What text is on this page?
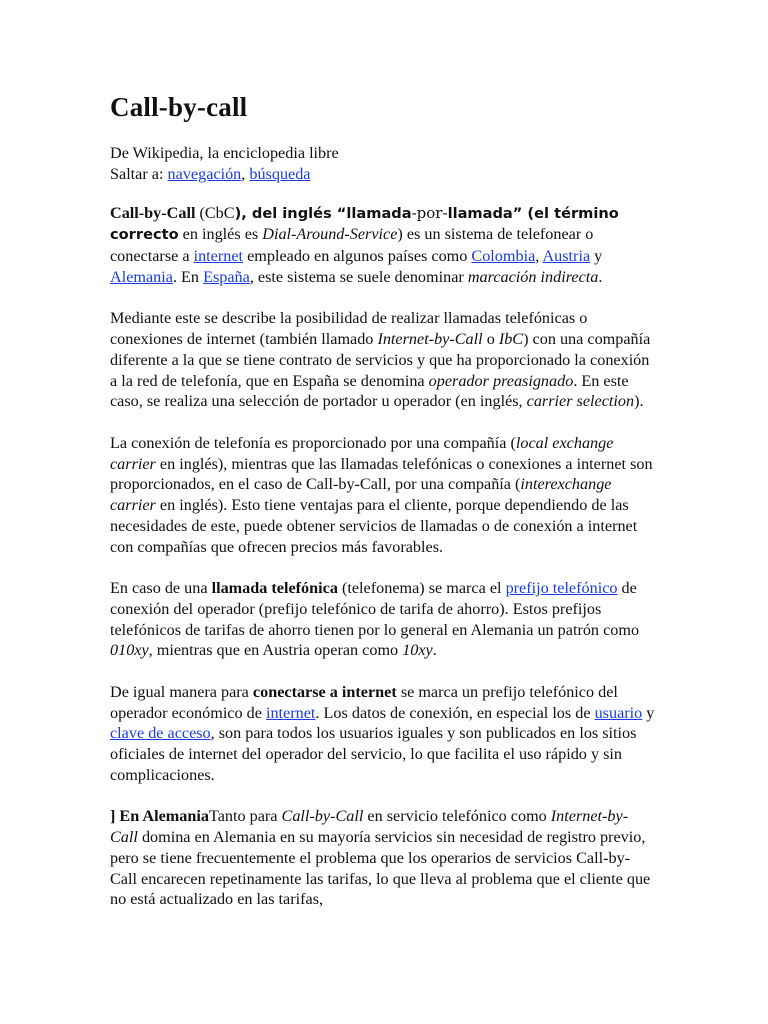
Call-by-call

De Wikipedia, la enciclopedia libre
Saltar a: navegación, búsqueda

Call-by-Call (CbC), del inglés “llamada-por-llamada” (el término correcto en inglés es Dial-Around-Service) es un sistema de telefonear o conectarse a internet empleado en algunos países como Colombia, Austria y Alemania. En España, este sistema se suele denominar marcación indirecta.

Mediante este se describe la posibilidad de realizar llamadas telefónicas o conexiones de internet (también llamado Internet-by-Call o IbC) con una compañía diferente a la que se tiene contrato de servicios y que ha proporcionado la conexión a la red de telefonía, que en España se denomina operador preasignado. En este caso, se realiza una selección de portador u operador (en inglés, carrier selection).

La conexión de telefonía es proporcionado por una compañía (local exchange carrier en inglés), mientras que las llamadas telefónicas o conexiones a internet son proporcionados, en el caso de Call-by-Call, por una compañía (interexchange carrier en inglés). Esto tiene ventajas para el cliente, porque dependiendo de las necesidades de este, puede obtener servicios de llamadas o de conexión a internet con compañías que ofrecen precios más favorables.

En caso de una llamada telefónica (telefonema) se marca el prefijo telefónico de conexión del operador (prefijo telefónico de tarifa de ahorro). Estos prefijos telefónicos de tarifas de ahorro tienen por lo general en Alemania un patrón como 010xy, mientras que en Austria operan como 10xy.

De igual manera para conectarse a internet se marca un prefijo telefónico del operador económico de internet. Los datos de conexión, en especial los de usuario y clave de acceso, son para todos los usuarios iguales y son publicados en los sitios oficiales de internet del operador del servicio, lo que facilita el uso rápido y sin complicaciones.

] En AlemaniaTanto para Call-by-Call en servicio telefónico como Internet-by-Call domina en Alemania en su mayoría servicios sin necesidad de registro previo, pero se tiene frecuentemente el problema que los operarios de servicios Call-by-Call encarecen repetinamente las tarifas, lo que lleva al problema que el cliente que no está actualizado en las tarifas,
